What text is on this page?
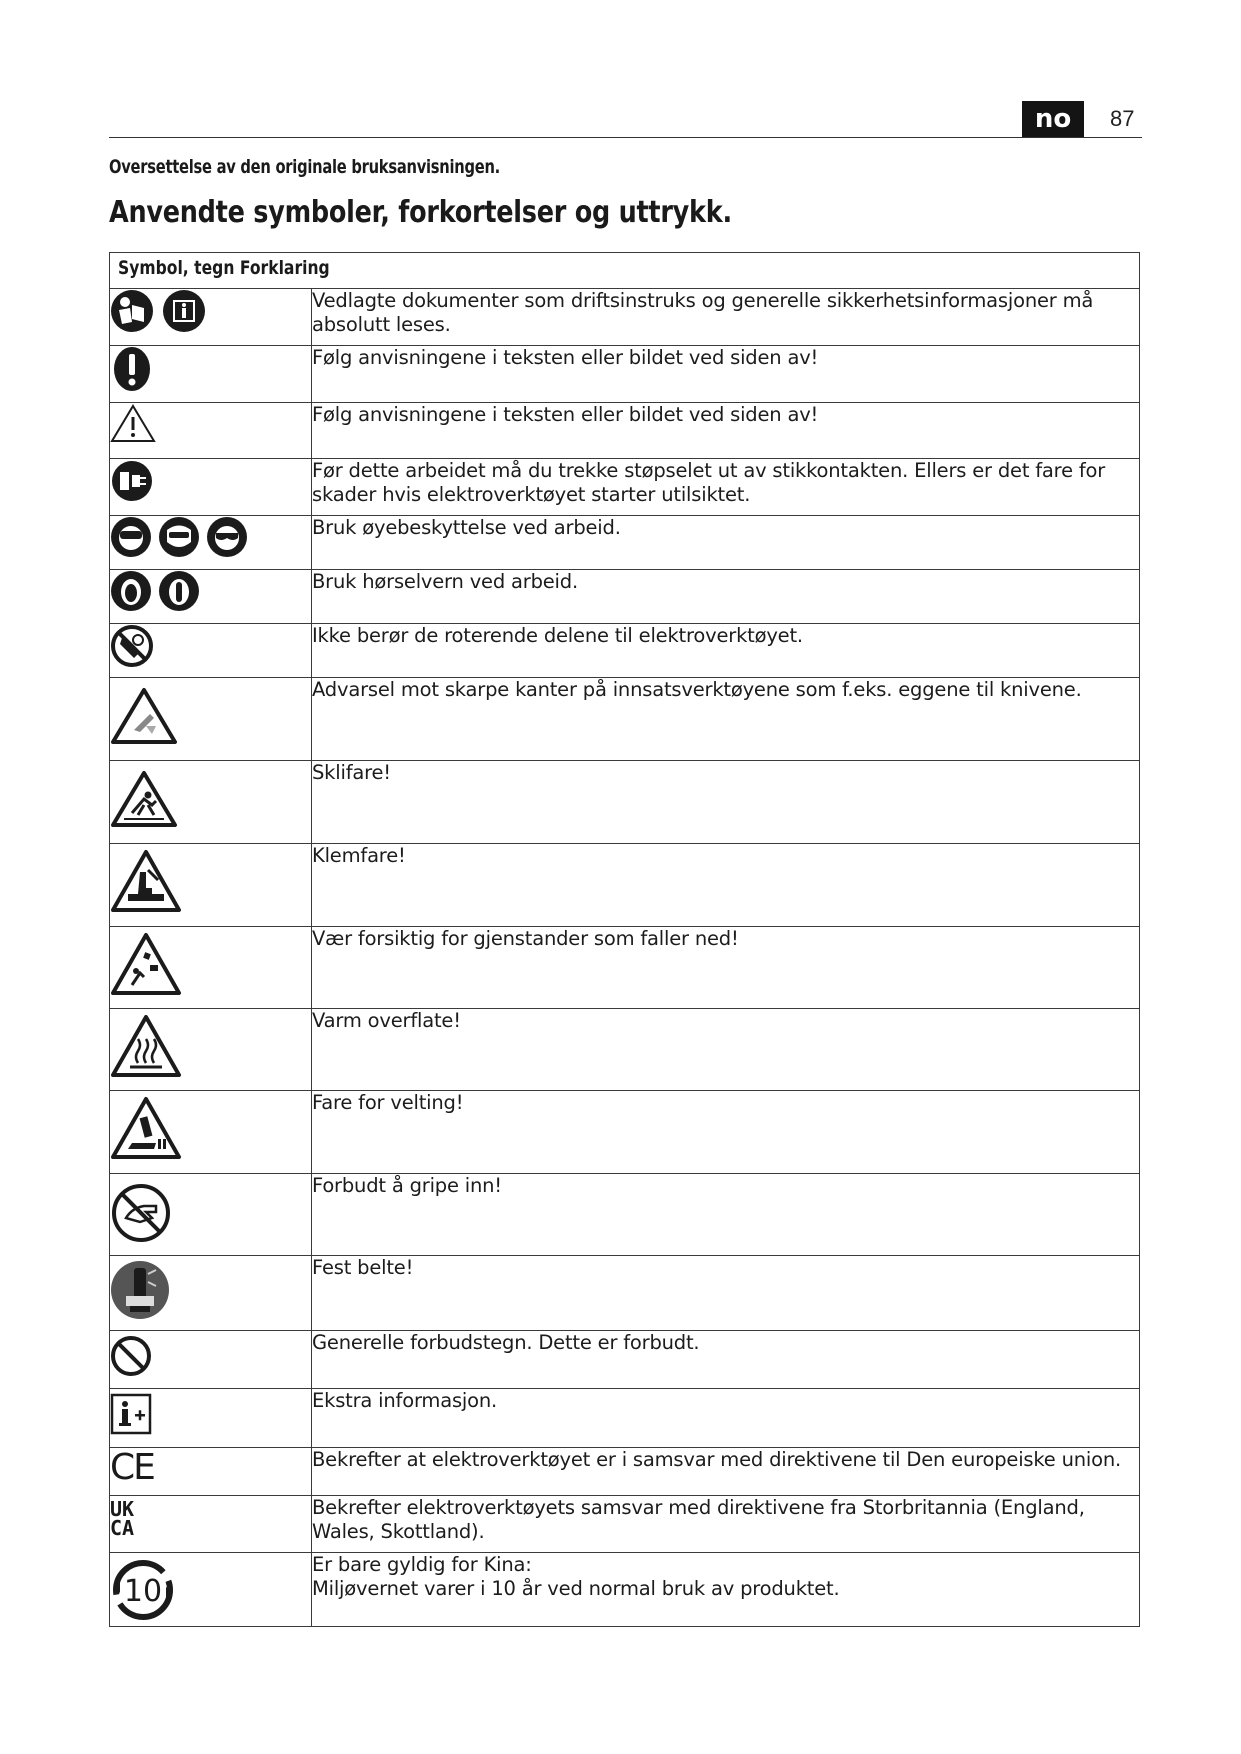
no	87
Oversettelse av den originale bruksanvisningen.
Anvendte symboler, forkortelser og uttrykk.
Symbol, tegn Forklaring	

	Vedlagte dokumenter som driftsinstruks og generelle sikkerhetsinformasjoner må absolutt leses.

	Følg anvisningene i teksten eller bildet ved siden av!

	Følg anvisningene i teksten eller bildet ved siden av!

	Før dette arbeidet må du trekke støpselet ut av stikkontakten. Ellers er det fare for skader hvis elektroverktøyet starter utilsiktet.

	Bruk øyebeskyttelse ved arbeid.

	Bruk hørselvern ved arbeid.

	Ikke berør de roterende delene til elektroverktøyet.

	Advarsel mot skarpe kanter på innsatsverktøyene som f.eks. eggene til knivene.

	Sklifare!

	Klemfare!

	Vær forsiktig for gjenstander som faller ned!

	Varm overflate!

	Fare for velting!

	Forbudt å gripe inn!

	Fest belte!

	Generelle forbudstegn. Dette er forbudt.

	Ekstra informasjon.

CE	Bekrefter at elektroverktøyet er i samsvar med direktivene til Den europeiske union.

UK
CA	Bekrefter elektroverktøyets samsvar med direktivene fra Storbritannia (England, Wales, Skottland).

10	Er bare gyldig for Kina:
Miljøvernet varer i 10 år ved normal bruk av produktet.
